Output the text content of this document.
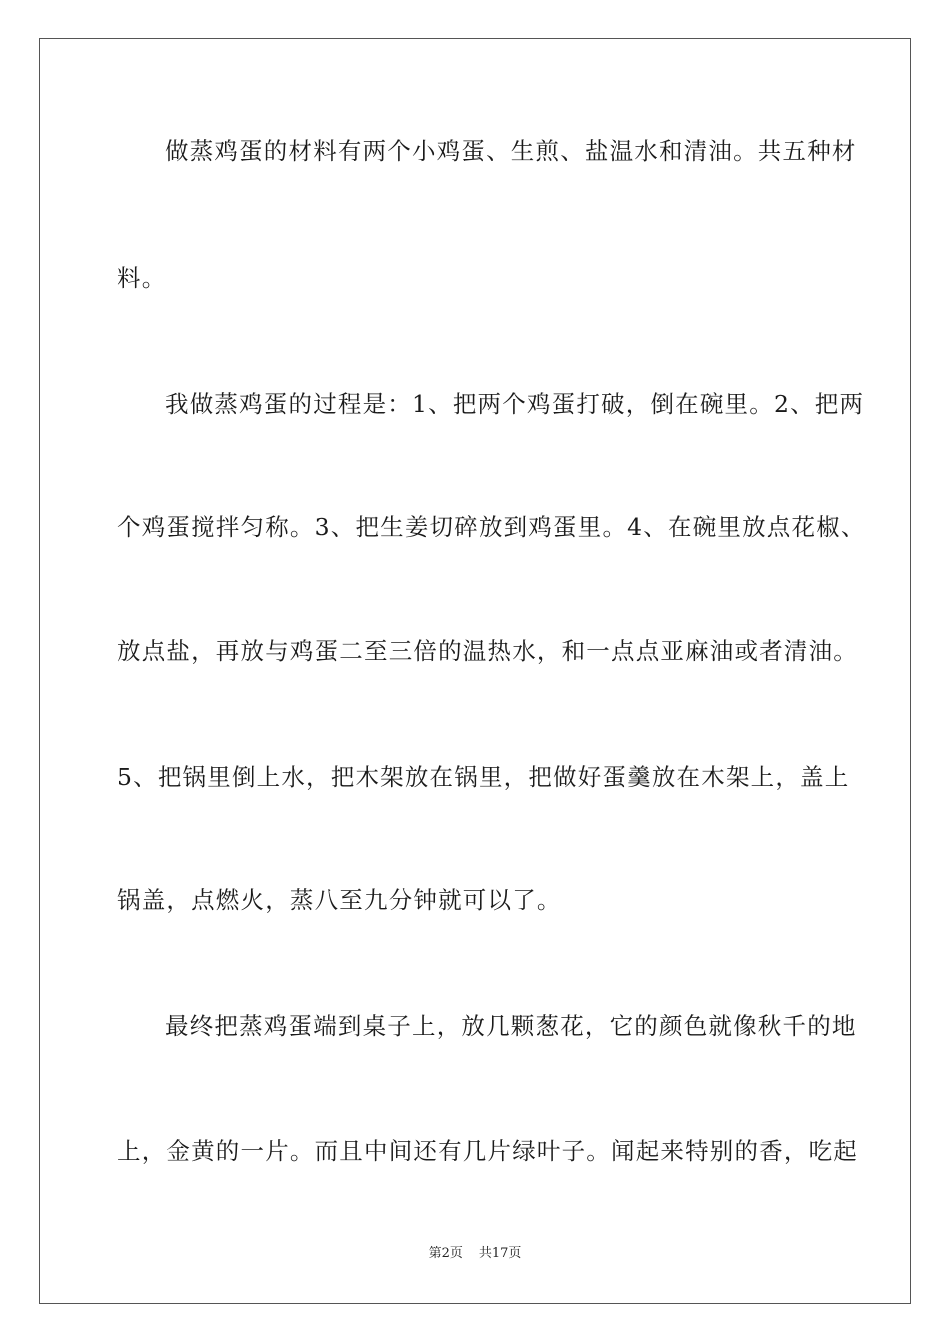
做蒸鸡蛋的材料有两个小鸡蛋、生煎、盐温水和清油。共五种材
料。
我做蒸鸡蛋的过程是：1、把两个鸡蛋打破，倒在碗里。2、把两
个鸡蛋搅拌匀称。3、把生姜切碎放到鸡蛋里。4、在碗里放点花椒、
放点盐，再放与鸡蛋二至三倍的温热水，和一点点亚麻油或者清油。
5、把锅里倒上水，把木架放在锅里，把做好蛋羹放在木架上，盖上
锅盖，点燃火，蒸八至九分钟就可以了。
最终把蒸鸡蛋端到桌子上，放几颗葱花，它的颜色就像秋千的地
上，金黄的一片。而且中间还有几片绿叶子。闻起来特别的香，吃起
第2页 共17页
